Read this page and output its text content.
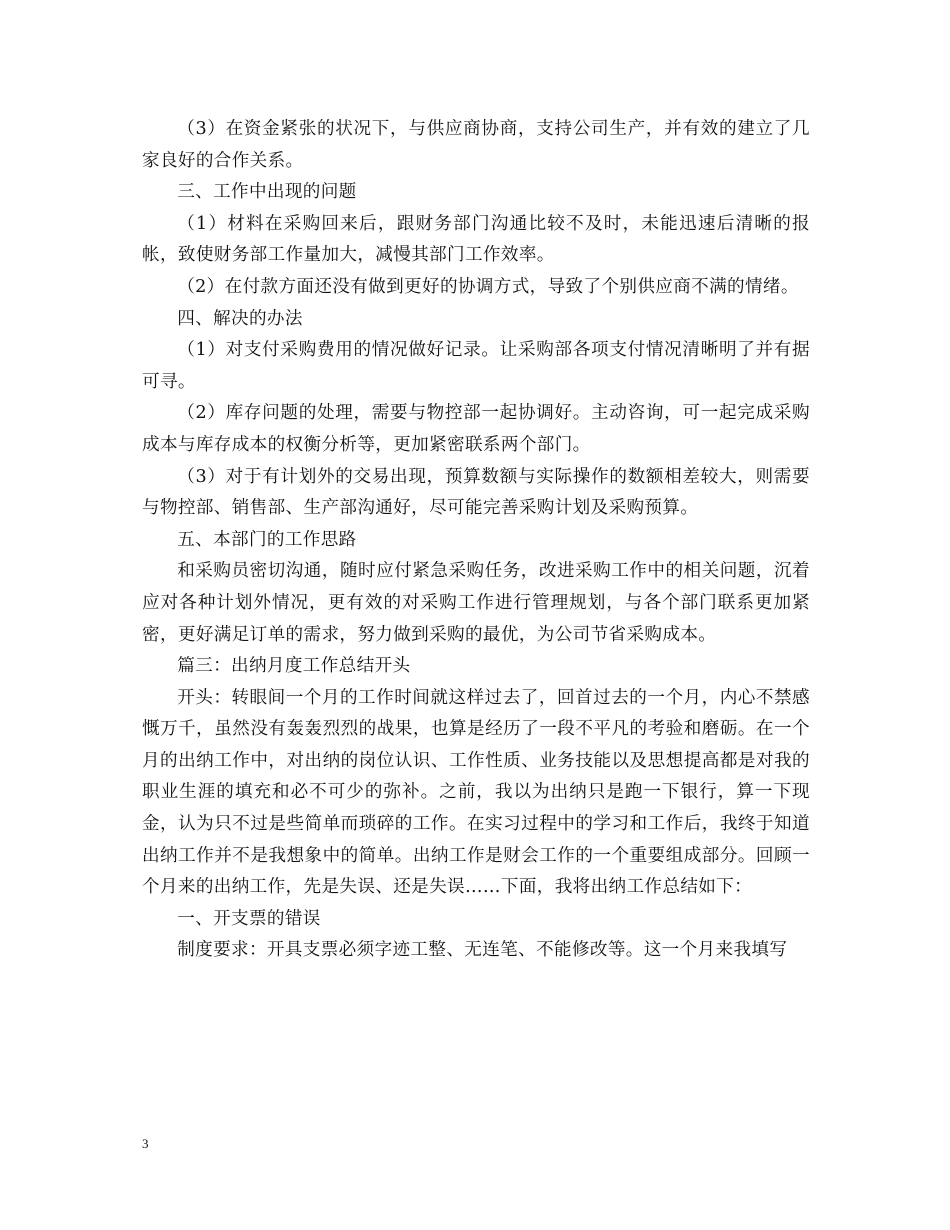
（3）在资金紧张的状况下，与供应商协商，支持公司生产，并有效的建立了几家良好的合作关系。

三、工作中出现的问题

（1）材料在采购回来后，跟财务部门沟通比较不及时，未能迅速后清晰的报帐，致使财务部工作量加大，减慢其部门工作效率。

（2）在付款方面还没有做到更好的协调方式，导致了个别供应商不满的情绪。

四、解决的办法

（1）对支付采购费用的情况做好记录。让采购部各项支付情况清晰明了并有据可寻。

（2）库存问题的处理，需要与物控部一起协调好。主动咨询，可一起完成采购成本与库存成本的权衡分析等，更加紧密联系两个部门。

（3）对于有计划外的交易出现，预算数额与实际操作的数额相差较大，则需要与物控部、销售部、生产部沟通好，尽可能完善采购计划及采购预算。

五、本部门的工作思路

和采购员密切沟通，随时应付紧急采购任务，改进采购工作中的相关问题，沉着应对各种计划外情况，更有效的对采购工作进行管理规划，与各个部门联系更加紧密，更好满足订单的需求，努力做到采购的最优，为公司节省采购成本。

篇三：出纳月度工作总结开头

开头：转眼间一个月的工作时间就这样过去了，回首过去的一个月，内心不禁感慨万千，虽然没有轰轰烈烈的战果，也算是经历了一段不平凡的考验和磨砺。在一个月的出纳工作中，对出纳的岗位认识、工作性质、业务技能以及思想提高都是对我的职业生涯的填充和必不可少的弥补。之前，我以为出纳只是跑一下银行，算一下现金，认为只不过是些简单而琐碎的工作。在实习过程中的学习和工作后，我终于知道出纳工作并不是我想象中的简单。出纳工作是财会工作的一个重要组成部分。回顾一个月来的出纳工作，先是失误、还是失误……下面，我将出纳工作总结如下：

一、开支票的错误

制度要求：开具支票必须字迹工整、无连笔、不能修改等。这一个月来我填写

3
